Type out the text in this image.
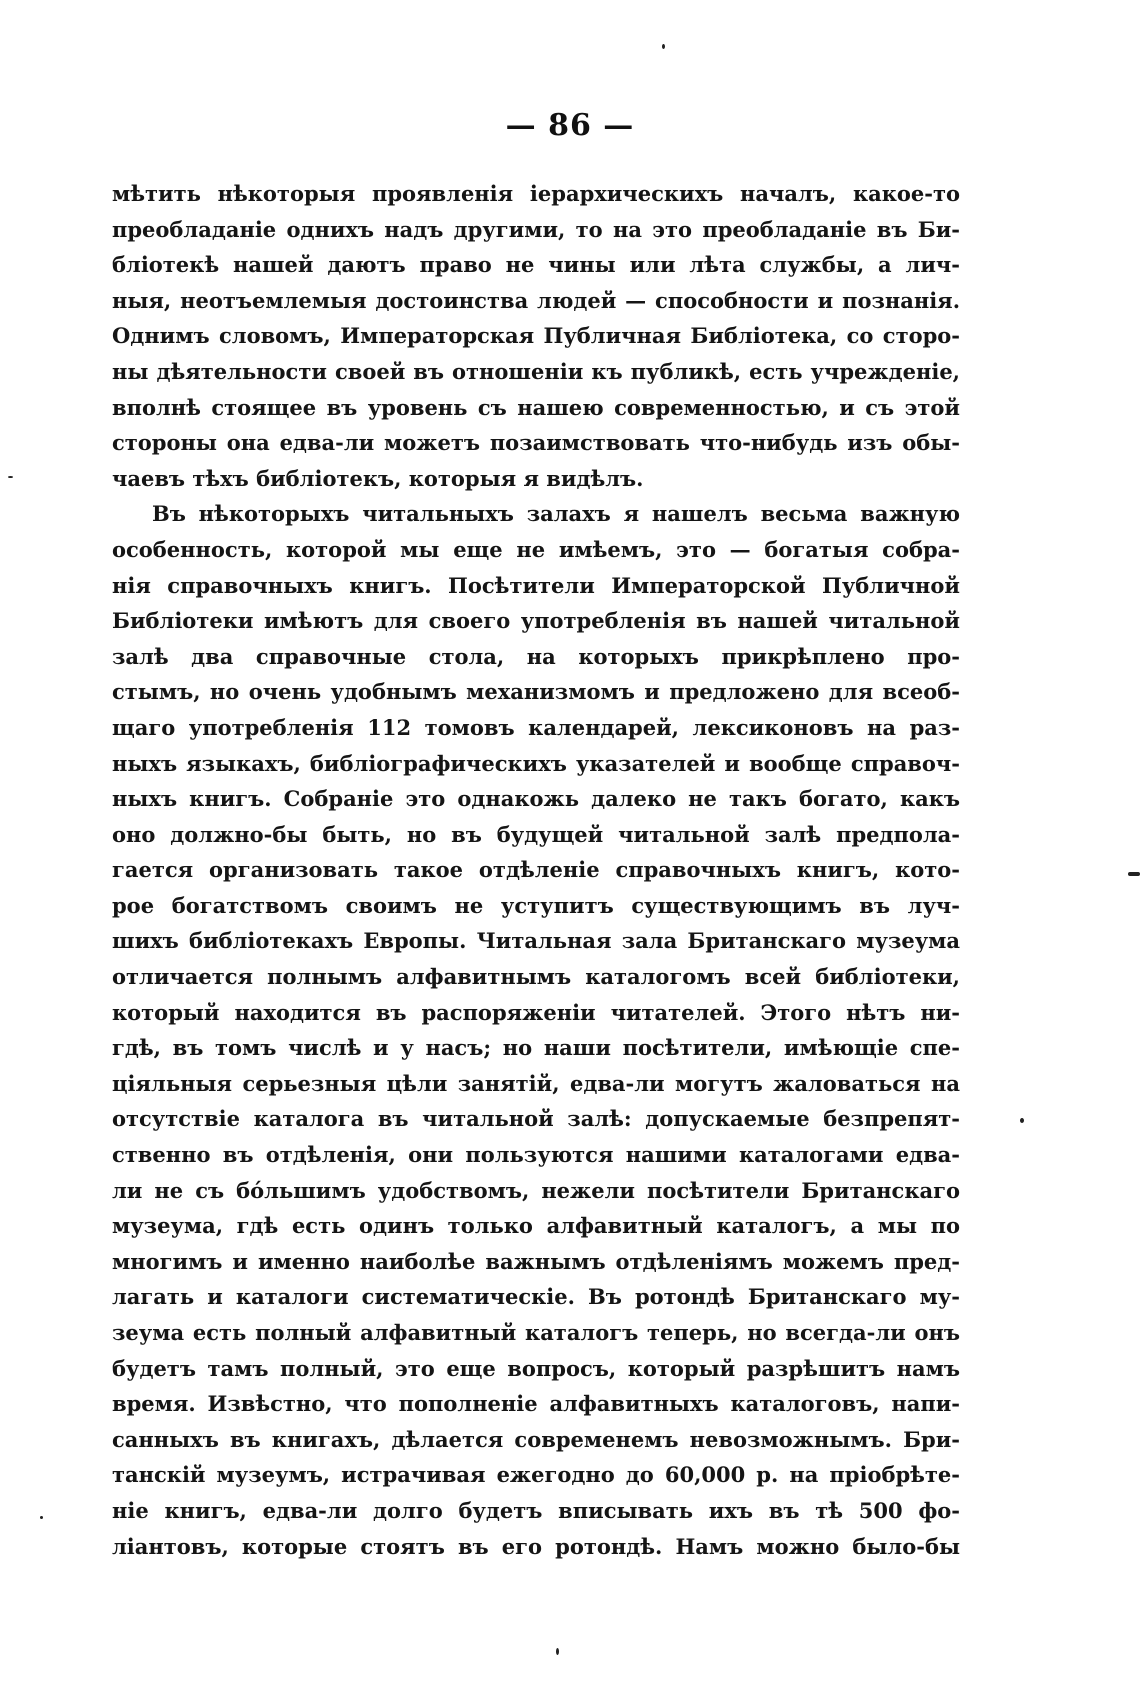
— 86 —
мѣтить нѣкоторыя проявленія іерархическихъ началъ, какое-то
преобладаніе однихъ надъ другими, то на это преобладаніе въ Би-
бліотекѣ нашей даютъ право не чины или лѣта службы, а лич-
ныя, неотъемлемыя достоинства людей — способности и познанія.
Однимъ словомъ, Императорская Публичная Библіотека, со сторо-
ны дѣятельности своей въ отношеніи къ публикѣ, есть учрежденіе,
вполнѣ стоящее въ уровень съ нашею современностью, и съ этой
стороны она едва-ли можетъ позаимствовать что-нибудь изъ обы-
чаевъ тѣхъ библіотекъ, которыя я видѣлъ.
Въ нѣкоторыхъ читальныхъ залахъ я нашелъ весьма важную
особенность, которой мы еще не имѣемъ, это — богатыя собра-
нія справочныхъ книгъ. Посѣтители Императорской Публичной
Библіотеки имѣютъ для своего употребленія въ нашей читальной
залѣ два справочные стола, на которыхъ прикрѣплено про-
стымъ, но очень удобнымъ механизмомъ и предложено для всеоб-
щаго употребленія 112 томовъ календарей, лексиконовъ на раз-
ныхъ языкахъ, библіографическихъ указателей и вообще справоч-
ныхъ книгъ. Собраніе это однакожь далеко не такъ богато, какъ
оно должно-бы быть, но въ будущей читальной залѣ предпола-
гается организовать такое отдѣленіе справочныхъ книгъ, кото-
рое богатствомъ своимъ не уступитъ существующимъ въ луч-
шихъ библіотекахъ Европы. Читальная зала Британскаго музеума
отличается полнымъ алфавитнымъ каталогомъ всей библіотеки,
который находится въ распоряженіи читателей. Этого нѣтъ ни-
гдѣ, въ томъ числѣ и у насъ; но наши посѣтители, имѣющіе спе-
ціяльныя серьезныя цѣли занятій, едва-ли могутъ жаловаться на
отсутствіе каталога въ читальной залѣ: допускаемые безпрепят-
ственно въ отдѣленія, они пользуются нашими каталогами едва-
ли не съ бóльшимъ удобствомъ, нежели посѣтители Британскаго
музеума, гдѣ есть одинъ только алфавитный каталогъ, а мы по
многимъ и именно наиболѣе важнымъ отдѣленіямъ можемъ пред-
лагать и каталоги систематическіе. Въ ротондѣ Британскаго му-
зеума есть полный алфавитный каталогъ теперь, но всегда-ли онъ
будетъ тамъ полный, это еще вопросъ, который разрѣшитъ намъ
время. Извѣстно, что пополненіе алфавитныхъ каталоговъ, напи-
санныхъ въ книгахъ, дѣлается современемъ невозможнымъ. Бри-
танскій музеумъ, истрачивая ежегодно до 60,000 р. на пріобрѣте-
ніе книгъ, едва-ли долго будетъ вписывать ихъ въ тѣ 500 фо-
ліантовъ, которые стоятъ въ его ротондѣ. Намъ можно было-бы
